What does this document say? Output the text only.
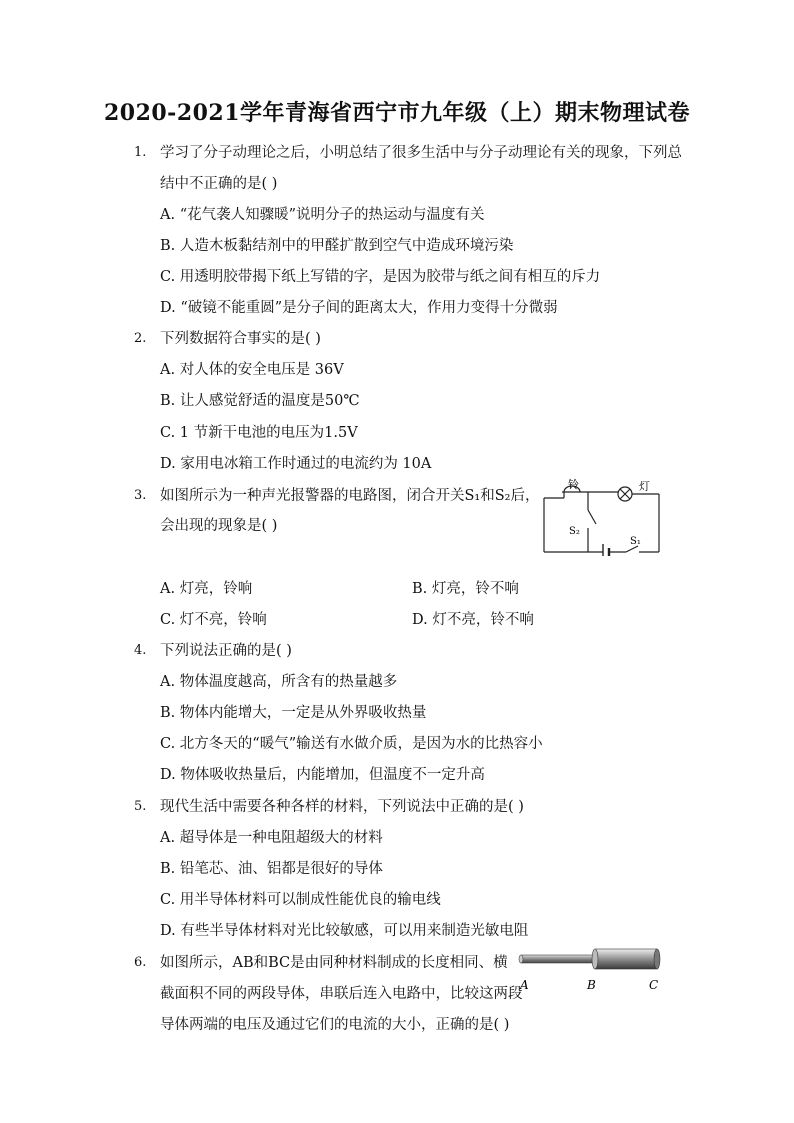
2020-2021学年青海省西宁市九年级（上）期末物理试卷
1. 学习了分子动理论之后，小明总结了很多生活中与分子动理论有关的现象，下列总
结中不正确的是( )
A. “花气袭人知骤暖”说明分子的热运动与温度有关
B. 人造木板黏结剂中的甲醛扩散到空气中造成环境污染
C. 用透明胶带揭下纸上写错的字，是因为胶带与纸之间有相互的斥力
D. “破镜不能重圆”是分子间的距离太大，作用力变得十分微弱
2. 下列数据符合事实的是( )
A. 对人体的安全电压是 36V
B. 让人感觉舒适的温度是50℃
C. 1 节新干电池的电压为1.5V
D. 家用电冰箱工作时通过的电流约为 10A
3. 如图所示为一种声光报警器的电路图，闭合开关S₁和S₂后，
会出现的现象是( )
铃	灯
S₂
S₁
A. 灯亮，铃响	B. 灯亮，铃不响
C. 灯不亮，铃响	D. 灯不亮，铃不响
4. 下列说法正确的是( )
A. 物体温度越高，所含有的热量越多
B. 物体内能增大，一定是从外界吸收热量
C. 北方冬天的“暖气”输送有水做介质，是因为水的比热容小
D. 物体吸收热量后，内能增加，但温度不一定升高
5. 现代生活中需要各种各样的材料，下列说法中正确的是( )
A. 超导体是一种电阻超级大的材料
B. 铅笔芯、油、铝都是很好的导体
C. 用半导体材料可以制成性能优良的输电线
D. 有些半导体材料对光比较敏感，可以用来制造光敏电阻
6. 如图所示，AB和BC是由同种材料制成的长度相同、横
截面积不同的两段导体，串联后连入电路中，比较这两段
导体两端的电压及通过它们的电流的大小，正确的是( )
A	B	C
